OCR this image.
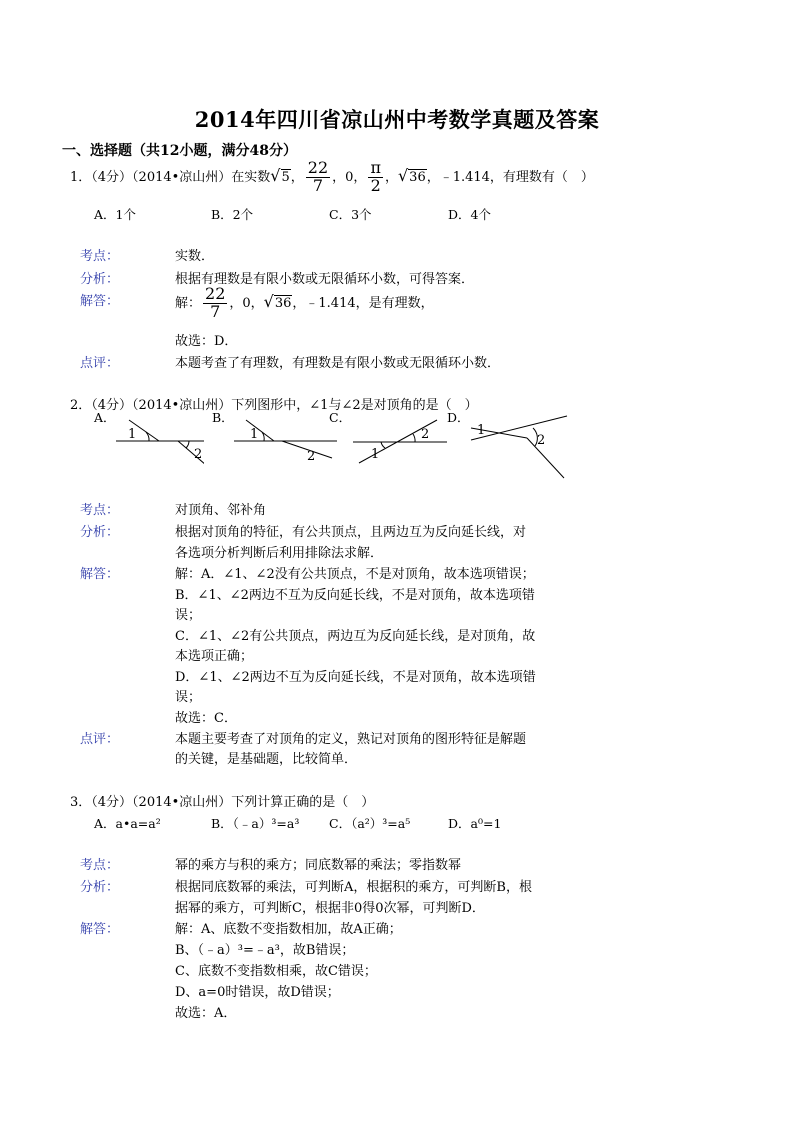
2014年四川省凉山州中考数学真题及答案
一、选择题（共12小题，满分48分）
1．（4分）（2014•凉山州）在实数√5， $\frac{22}{7}$ ，0， $\frac{\pi}{2}$ ，√36，﹣1.414，有理数有（　）
A．1个	B．2个	C．3个	D．4个
考点：	实数．
分析：	根据有理数是有限小数或无限循环小数，可得答案．
解答：	解： $\frac{22}{7}$ ，0，√36，﹣1.414，是有理数，
故选：D．
点评：	本题考查了有理数，有理数是有限小数或无限循环小数．
2．（4分）（2014•凉山州）下列图形中，∠1与∠2是对顶角的是（　）
A．
1
2
B．
1
2
C．
1
2
D．
1
2
考点：	对顶角、邻补角
分析：	根据对顶角的特征，有公共顶点，且两边互为反向延长线，对
各选项分析判断后利用排除法求解．
解答：	解：A．∠1、∠2没有公共顶点，不是对顶角，故本选项错误；
B．∠1、∠2两边不互为反向延长线，不是对顶角，故本选项错
误；
C．∠1、∠2有公共顶点，两边互为反向延长线，是对顶角，故
本选项正确；
D．∠1、∠2两边不互为反向延长线，不是对顶角，故本选项错
误；
故选：C．
点评：	本题主要考查了对顶角的定义，熟记对顶角的图形特征是解题
的关键，是基础题，比较简单．
3．（4分）（2014•凉山州）下列计算正确的是（　）
A．a•a=a²	B．（﹣a）³=a³ C．（a²）³=a⁵	D．a⁰=1
考点：	幂的乘方与积的乘方；同底数幂的乘法；零指数幂
分析：	根据同底数幂的乘法，可判断A，根据积的乘方，可判断B，根
据幂的乘方，可判断C，根据非0得0次幂，可判断D．
解答：	解：A、底数不变指数相加，故A正确；
B、（﹣a）³=﹣a³，故B错误；
C、底数不变指数相乘，故C错误；
D、a=0时错误，故D错误；
故选：A．
